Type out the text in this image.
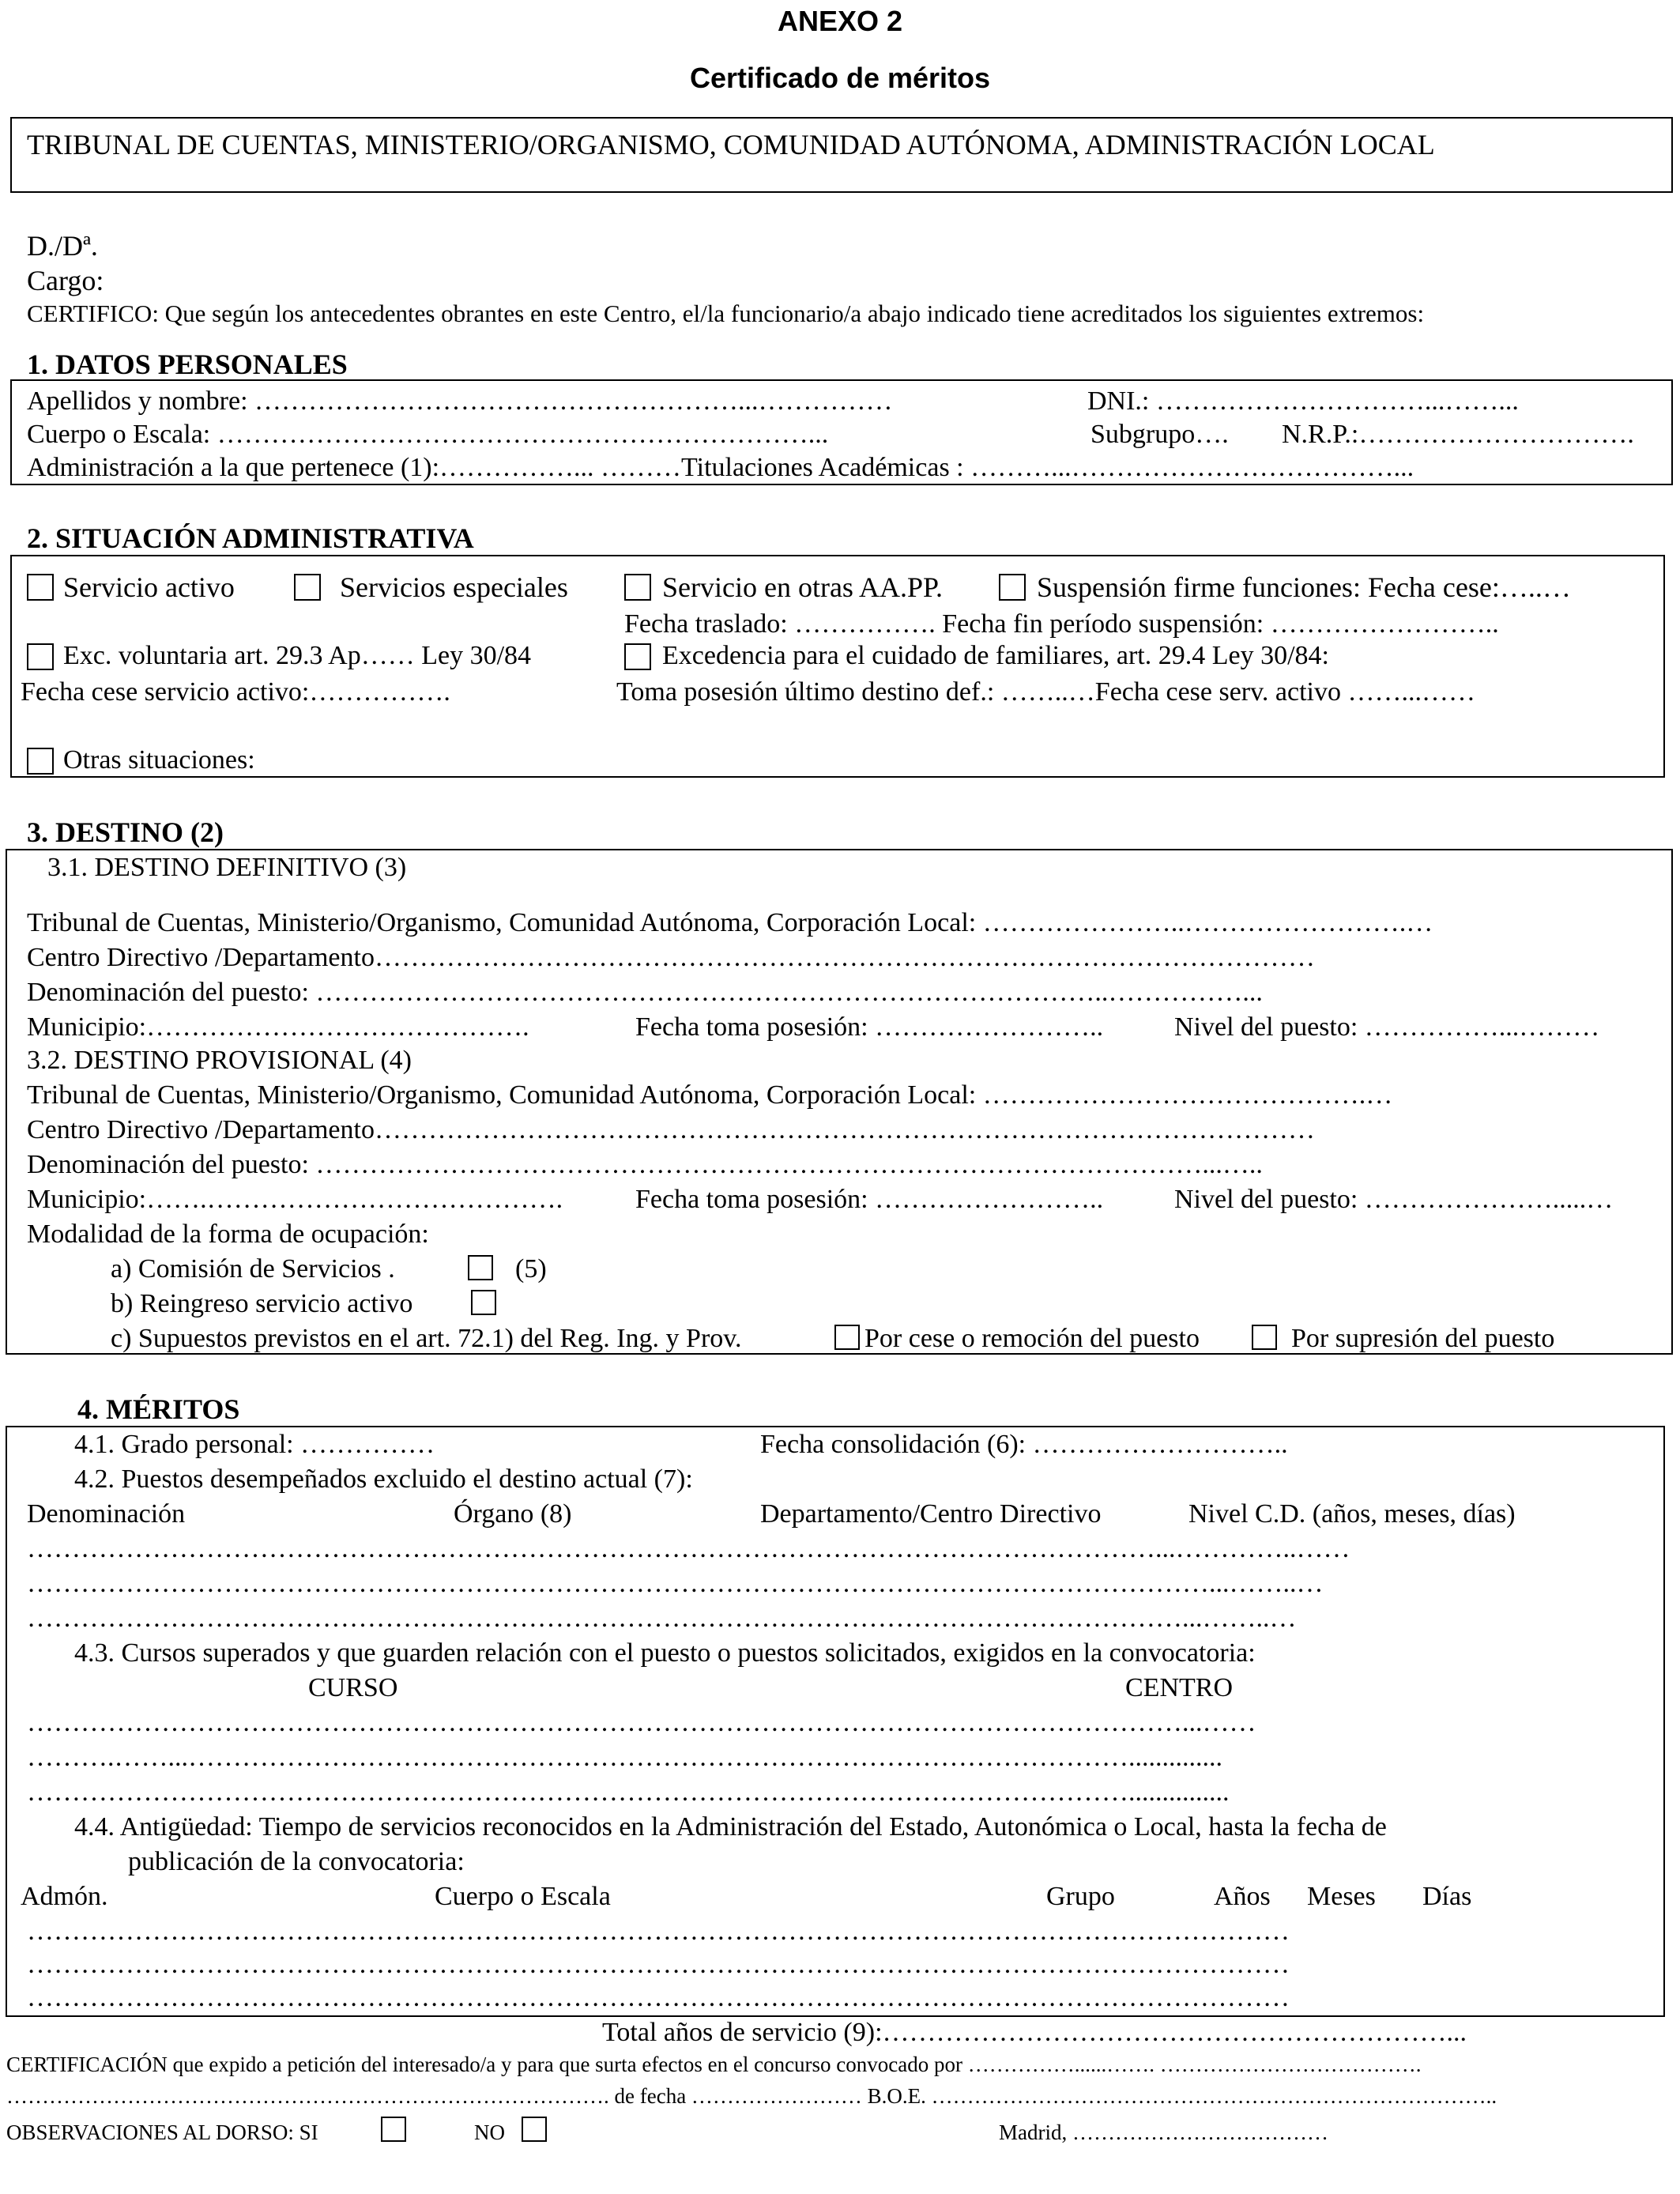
ANEXO 2
Certificado de méritos
TRIBUNAL DE CUENTAS, MINISTERIO/ORGANISMO, COMUNIDAD AUTÓNOMA, ADMINISTRACIÓN LOCAL
D./Dª.
Cargo:
CERTIFICO: Que según los antecedentes obrantes en este Centro, el/la funcionario/a abajo indicado tiene acreditados los siguientes extremos:
1. DATOS PERSONALES
Apellidos y nombre: ………………………………………………...……………	DNI.: …………………………...……...
Cuerpo o Escala: …………………………………………………………...	Subgrupo…. N.R.P.:………………………….
Administración a la que pertenece (1):……………... ………Titulaciones Académicas : ………...………………………………...
2. SITUACIÓN ADMINISTRATIVA
Servicio activo	Servicios especiales	Servicio en otras AA.PP.	Suspensión firme funciones: Fecha cese:…..…
Fecha traslado: ……………. Fecha fin período suspensión: ……………………..
Exc. voluntaria art. 29.3 Ap…… Ley 30/84	Excedencia para el cuidado de familiares, art. 29.4 Ley 30/84:
Fecha cese servicio activo:…………….	Toma posesión último destino def.: ……..…Fecha cese serv. activo ……...……
Otras situaciones:
3. DESTINO (2)
3.1. DESTINO DEFINITIVO (3)
Tribunal de Cuentas, Ministerio/Organismo, Comunidad Autónoma, Corporación Local: …………………..…………………….…
Centro Directivo /Departamento……………………………………………………………………………………………
Denominación del puesto: ……………………………………………………………………………..……………...
Municipio:…………………………………….	Fecha toma posesión: ……………………..	Nivel del puesto: ……………...………
3.2. DESTINO PROVISIONAL (4)
Tribunal de Cuentas, Ministerio/Organismo, Comunidad Autónoma, Corporación Local: …………………………………….…
Centro Directivo /Departamento……………………………………………………………………………………………
Denominación del puesto: ………………………………………………………………………………………...…..
Municipio:…….………………………………….	Fecha toma posesión: ……………………..	Nivel del puesto: ………………….....…
Modalidad de la forma de ocupación:
a) Comisión de Servicios .	(5)
b) Reingreso servicio activo
c) Supuestos previstos en el art. 72.1) del Reg. Ing. y Prov.	Por cese o remoción del puesto	Por supresión del puesto
4. MÉRITOS
4.1. Grado personal: ……………	Fecha consolidación (6): ………………………..
4.2. Puestos desempeñados excluido el destino actual (7):
Denominación	Órgano (8)	Departamento/Centro Directivo	Nivel C.D. (años, meses, días)
………………………………………………………………………………………………………………...…………..……
……………………………………………………………………………………………………………………...……..…
…………………………………………………………………………………………………………………...……..…
4.3. Cursos superados y que guarden relación con el puesto o puestos solicitados, exigidos en la convocatoria:
CURSO	CENTRO
…………………………………………………………………………………………………………………...……
……….……...……………………………………………………………………………………………..............
……………………………………………………………………………………………………………...............
4.4. Antigüedad: Tiempo de servicios reconocidos en la Administración del Estado, Autonómica o Local, hasta la fecha de
publicación de la convocatoria:
Admón.	Cuerpo o Escala	Grupo	Años Meses Días
……………………………………………………………………………………………………………………………
……………………………………………………………………………………………………………………………
……………………………………………………………………………………………………………………………
Total años de servicio (9):………………………………………………………...
CERTIFICACIÓN que expido a petición del interesado/a y para que surta efectos en el concurso convocado por ……………......……. ……………………………….
…………………………………………………………………………. de fecha …………………… B.O.E. ……………………………………………………………………..
OBSERVACIONES AL DORSO: SI	NO	Madrid, ………………………………
